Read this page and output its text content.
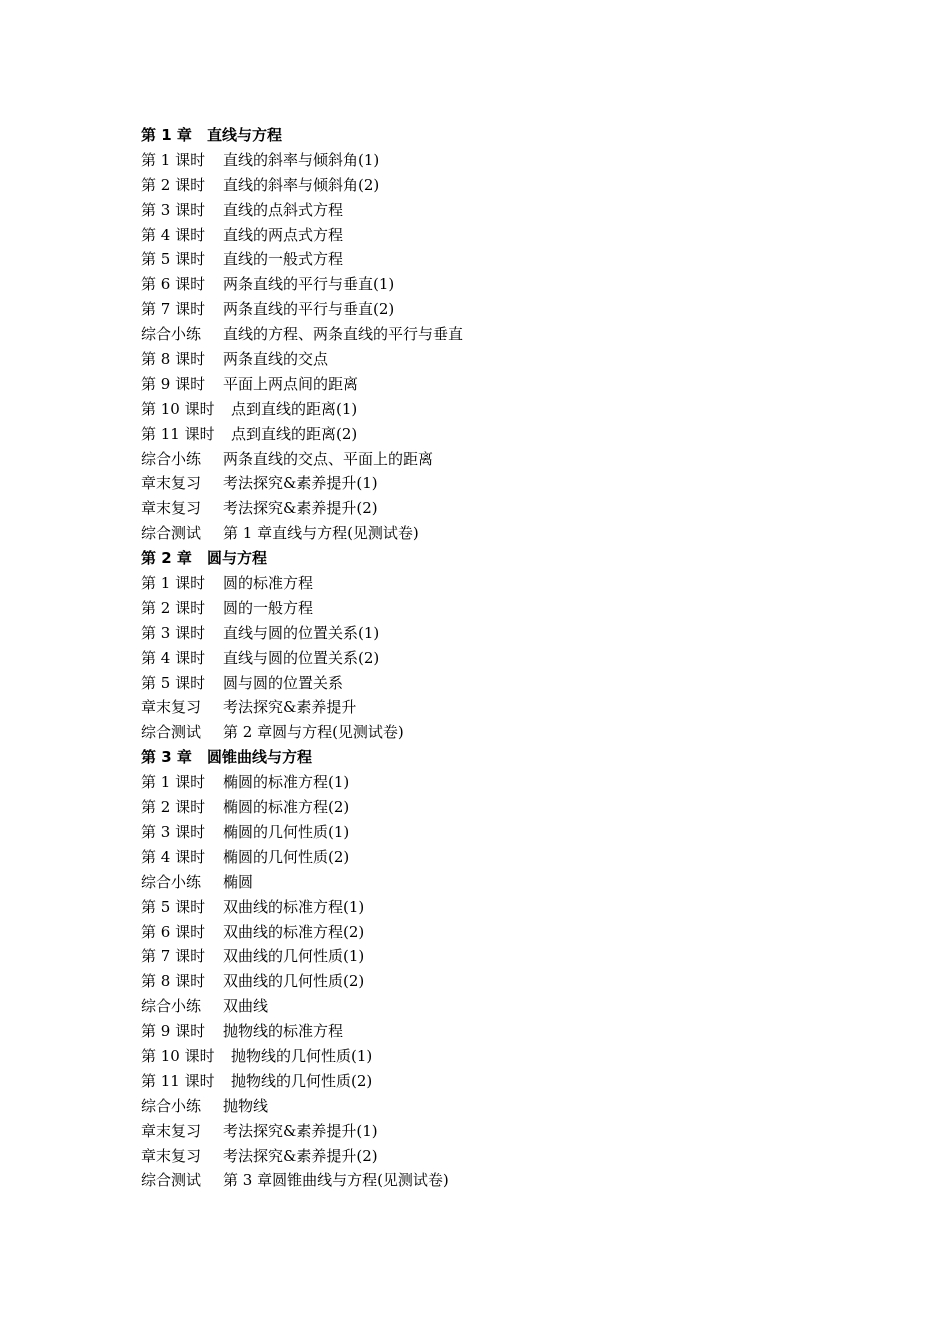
第 1 章 直线与方程
第 1 课时 直线的斜率与倾斜角(1)
第 2 课时 直线的斜率与倾斜角(2)
第 3 课时 直线的点斜式方程
第 4 课时 直线的两点式方程
第 5 课时 直线的一般式方程
第 6 课时 两条直线的平行与垂直(1)
第 7 课时 两条直线的平行与垂直(2)
综合小练 直线的方程、两条直线的平行与垂直
第 8 课时 两条直线的交点
第 9 课时 平面上两点间的距离
第 10 课时 点到直线的距离(1)
第 11 课时 点到直线的距离(2)
综合小练 两条直线的交点、平面上的距离
章末复习 考法探究&素养提升(1)
章末复习 考法探究&素养提升(2)
综合测试 第 1 章直线与方程(见测试卷)
第 2 章 圆与方程
第 1 课时 圆的标准方程
第 2 课时 圆的一般方程
第 3 课时 直线与圆的位置关系(1)
第 4 课时 直线与圆的位置关系(2)
第 5 课时 圆与圆的位置关系
章末复习 考法探究&素养提升
综合测试 第 2 章圆与方程(见测试卷)
第 3 章 圆锥曲线与方程
第 1 课时 椭圆的标准方程(1)
第 2 课时 椭圆的标准方程(2)
第 3 课时 椭圆的几何性质(1)
第 4 课时 椭圆的几何性质(2)
综合小练 椭圆
第 5 课时 双曲线的标准方程(1)
第 6 课时 双曲线的标准方程(2)
第 7 课时 双曲线的几何性质(1)
第 8 课时 双曲线的几何性质(2)
综合小练 双曲线
第 9 课时 抛物线的标准方程
第 10 课时 抛物线的几何性质(1)
第 11 课时 抛物线的几何性质(2)
综合小练 抛物线
章末复习 考法探究&素养提升(1)
章末复习 考法探究&素养提升(2)
综合测试 第 3 章圆锥曲线与方程(见测试卷)
